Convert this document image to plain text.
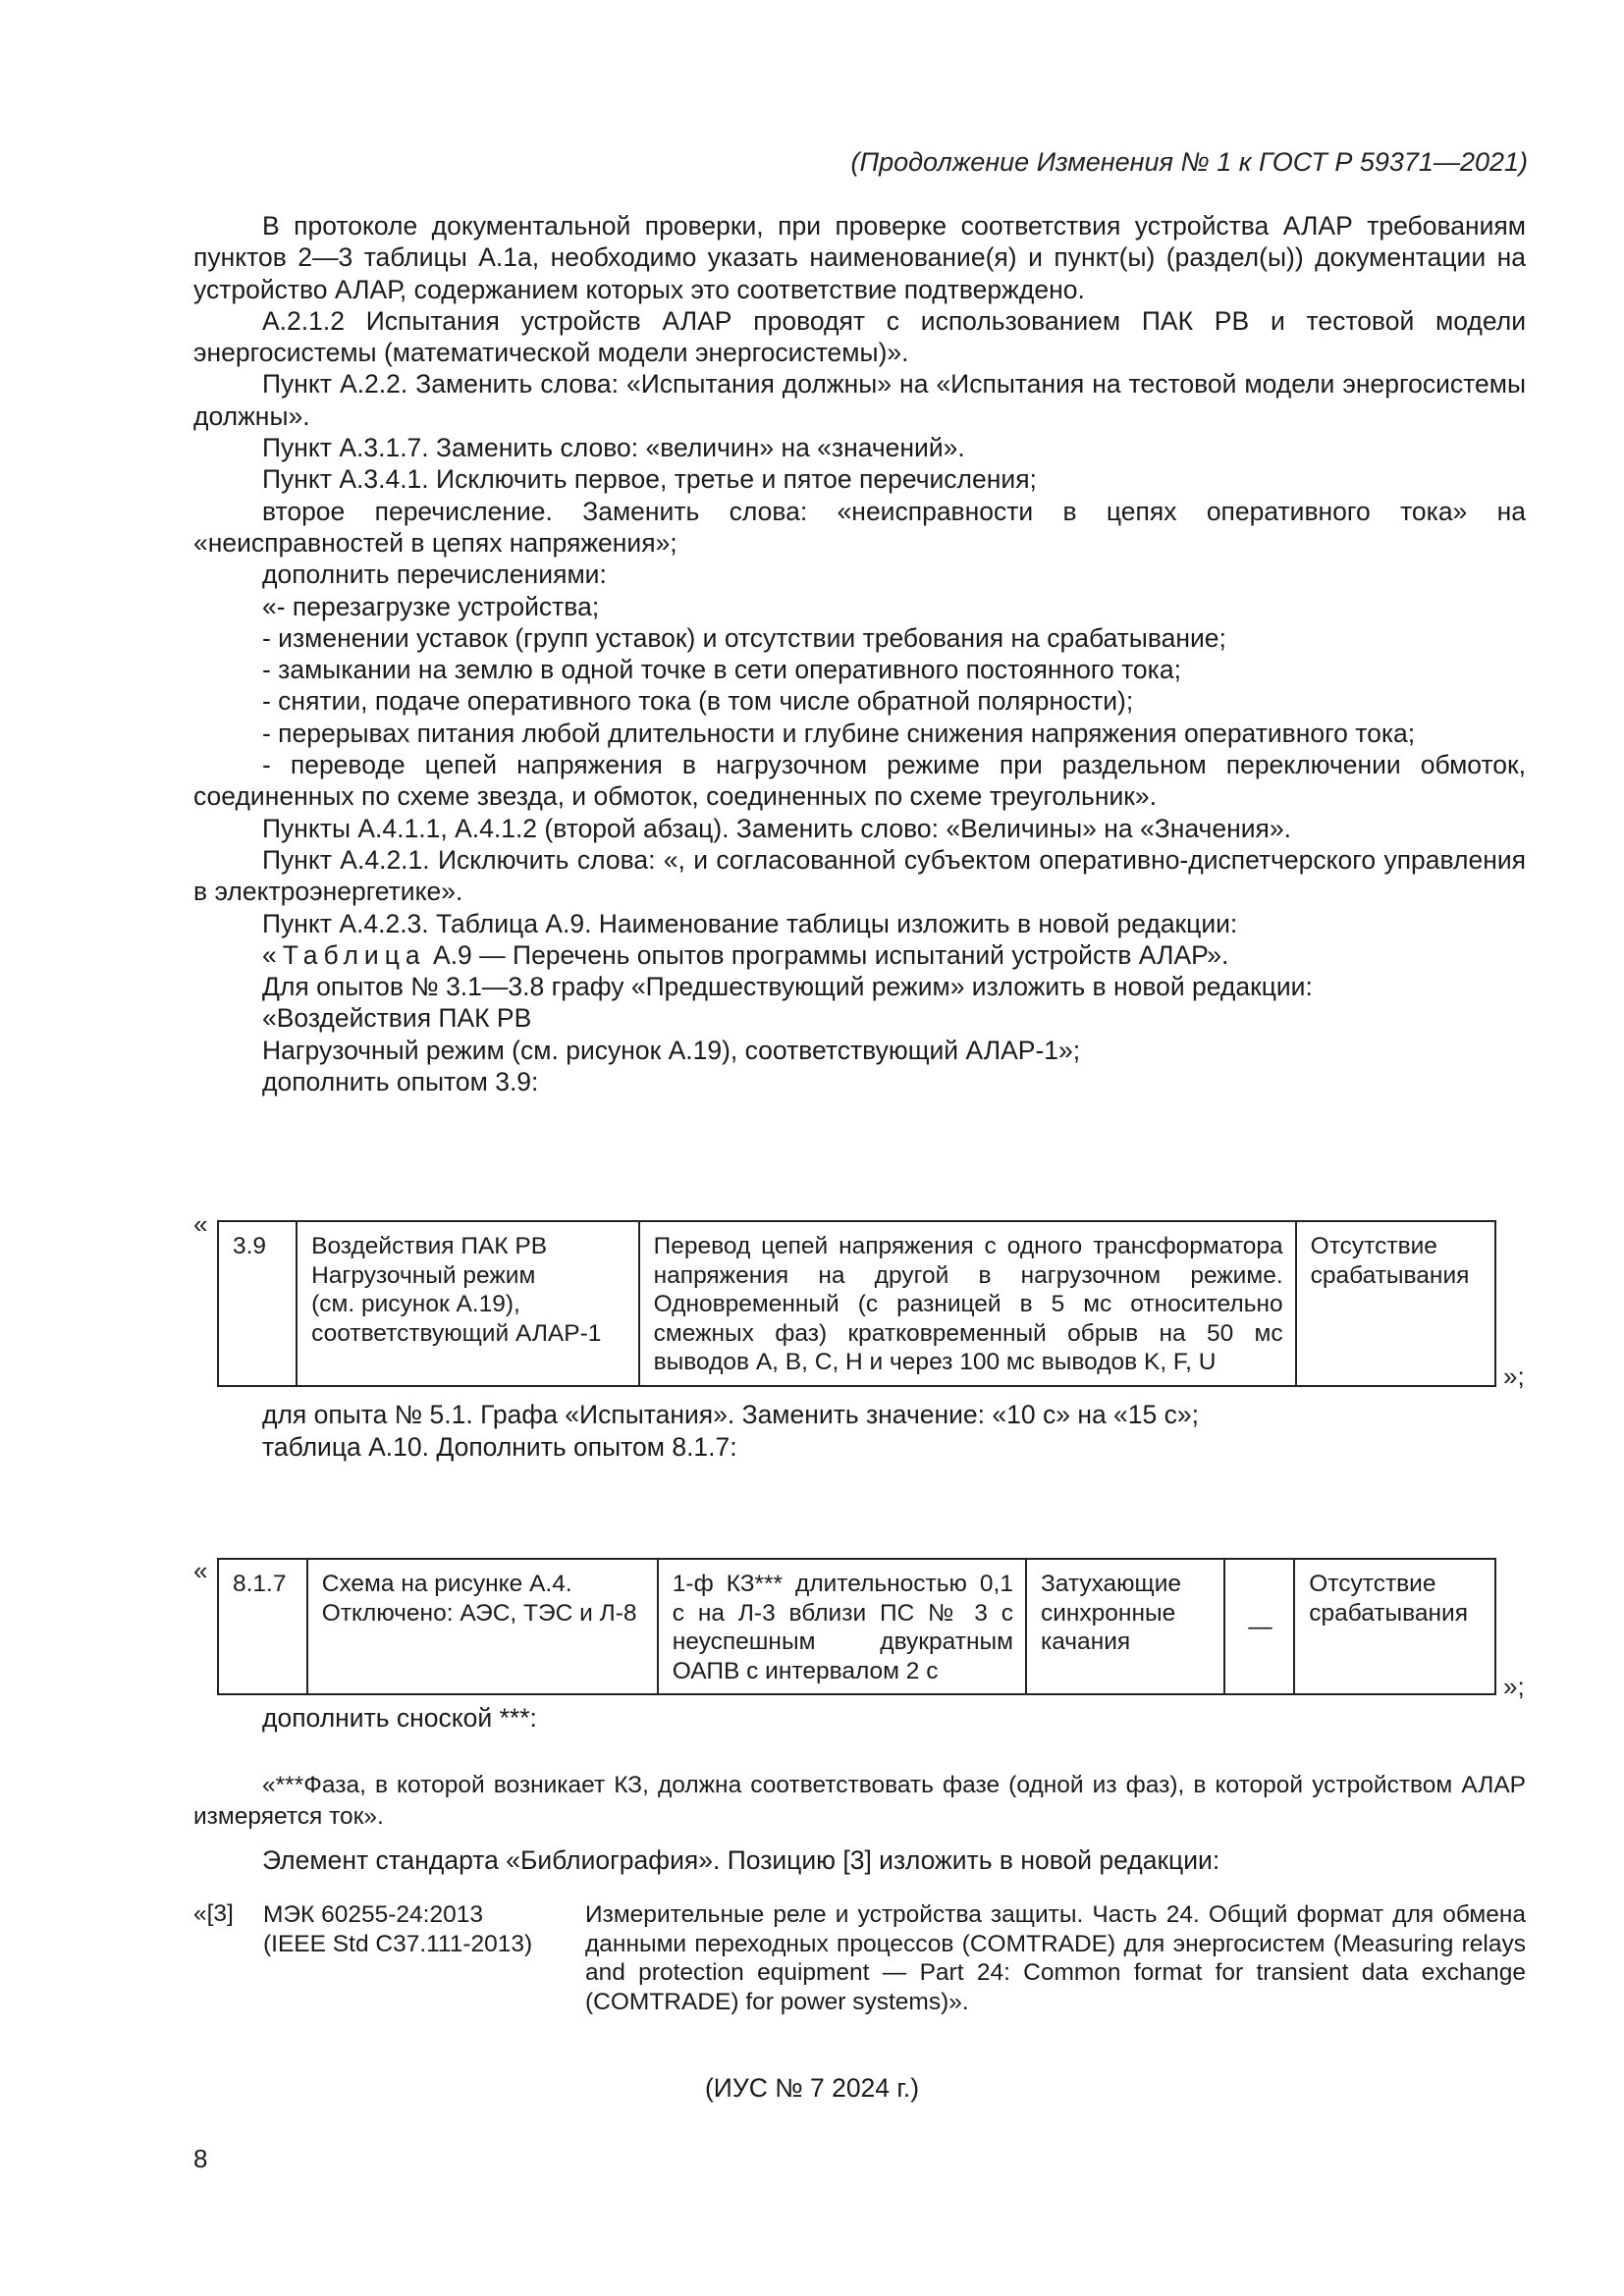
(Продолжение Изменения № 1 к ГОСТ Р 59371—2021)

В протоколе документальной проверки, при проверке соответствия устройства АЛАР требованиям пунктов 2—3 таблицы А.1а, необходимо указать наименование(я) и пункт(ы) (раздел(ы)) документации на устройство АЛАР, содержанием которых это соответствие подтверждено.

А.2.1.2 Испытания устройств АЛАР проводят с использованием ПАК РВ и тестовой модели энергосистемы (математической модели энергосистемы)».

Пункт А.2.2. Заменить слова: «Испытания должны» на «Испытания на тестовой модели энергосистемы должны».

Пункт А.3.1.7. Заменить слово: «величин» на «значений».

Пункт А.3.4.1. Исключить первое, третье и пятое перечисления;

второе перечисление. Заменить слова: «неисправности в цепях оперативного тока» на «неисправностей в цепях напряжения»;

дополнить перечислениями:

«- перезагрузке устройства;

- изменении уставок (групп уставок) и отсутствии требования на срабатывание;

- замыкании на землю в одной точке в сети оперативного постоянного тока;

- снятии, подаче оперативного тока (в том числе обратной полярности);

- перерывах питания любой длительности и глубине снижения напряжения оперативного тока;

- переводе цепей напряжения в нагрузочном режиме при раздельном переключении обмоток, соединенных по схеме звезда, и обмоток, соединенных по схеме треугольник».

Пункты А.4.1.1, А.4.1.2 (второй абзац). Заменить слово: «Величины» на «Значения».

Пункт А.4.2.1. Исключить слова: «, и согласованной субъектом оперативно-диспетчерского управления в электроэнергетике».

Пункт А.4.2.3. Таблица А.9. Наименование таблицы изложить в новой редакции:

«Таблица А.9 — Перечень опытов программы испытаний устройств АЛАР».

Для опытов № 3.1—3.8 графу «Предшествующий режим» изложить в новой редакции:

«Воздействия ПАК РВ

Нагрузочный режим (см. рисунок А.19), соответствующий АЛАР-1»;

дополнить опытом 3.9:

«
3.9	Воздействия ПАК РВ
Нагрузочный режим
(см. рисунок А.19),
соответствующий АЛАР-1
	Перевод цепей напряжения с одного трансформатора напряжения на другой в нагрузочном режиме. Одновременный (с разницей в 5 мс относительно смежных фаз) кратковременный обрыв на 50 мс выводов A, B, C, H и через 100 мс выводов K, F, U	Отсутствие срабатывания
»;
для опыта № 5.1. Графа «Испытания». Заменить значение: «10 с» на «15 с»;
таблица А.10. Дополнить опытом 8.1.7:
« 8.1.7	Схема на рисунке А.4. Отключено: АЭС, ТЭС и Л-8	1-ф КЗ*** длительностью 0,1 с на Л-3 вблизи ПС № 3 с неуспешным двукратным ОАПВ с интервалом 2 с	Затухающие синхронные качания	—	Отсутствие срабатывания
»;
дополнить сноской ***:
«***Фаза, в которой возникает КЗ, должна соответствовать фазе (одной из фаз), в которой устройством АЛАР измеряется ток».
Элемент стандарта «Библиография». Позицию [3] изложить в новой редакции:
«[3] МЭК 60255-24:2013
(IEEE Std C37.111-2013)
Измерительные реле и устройства защиты. Часть 24. Общий формат для обмена данными переходных процессов (COMTRADE) для энергосистем (Measuring relays and protection equipment — Part 24: Common format for transient data exchange (COMTRADE) for power systems)».
(ИУС № 7 2024 г.)
8
